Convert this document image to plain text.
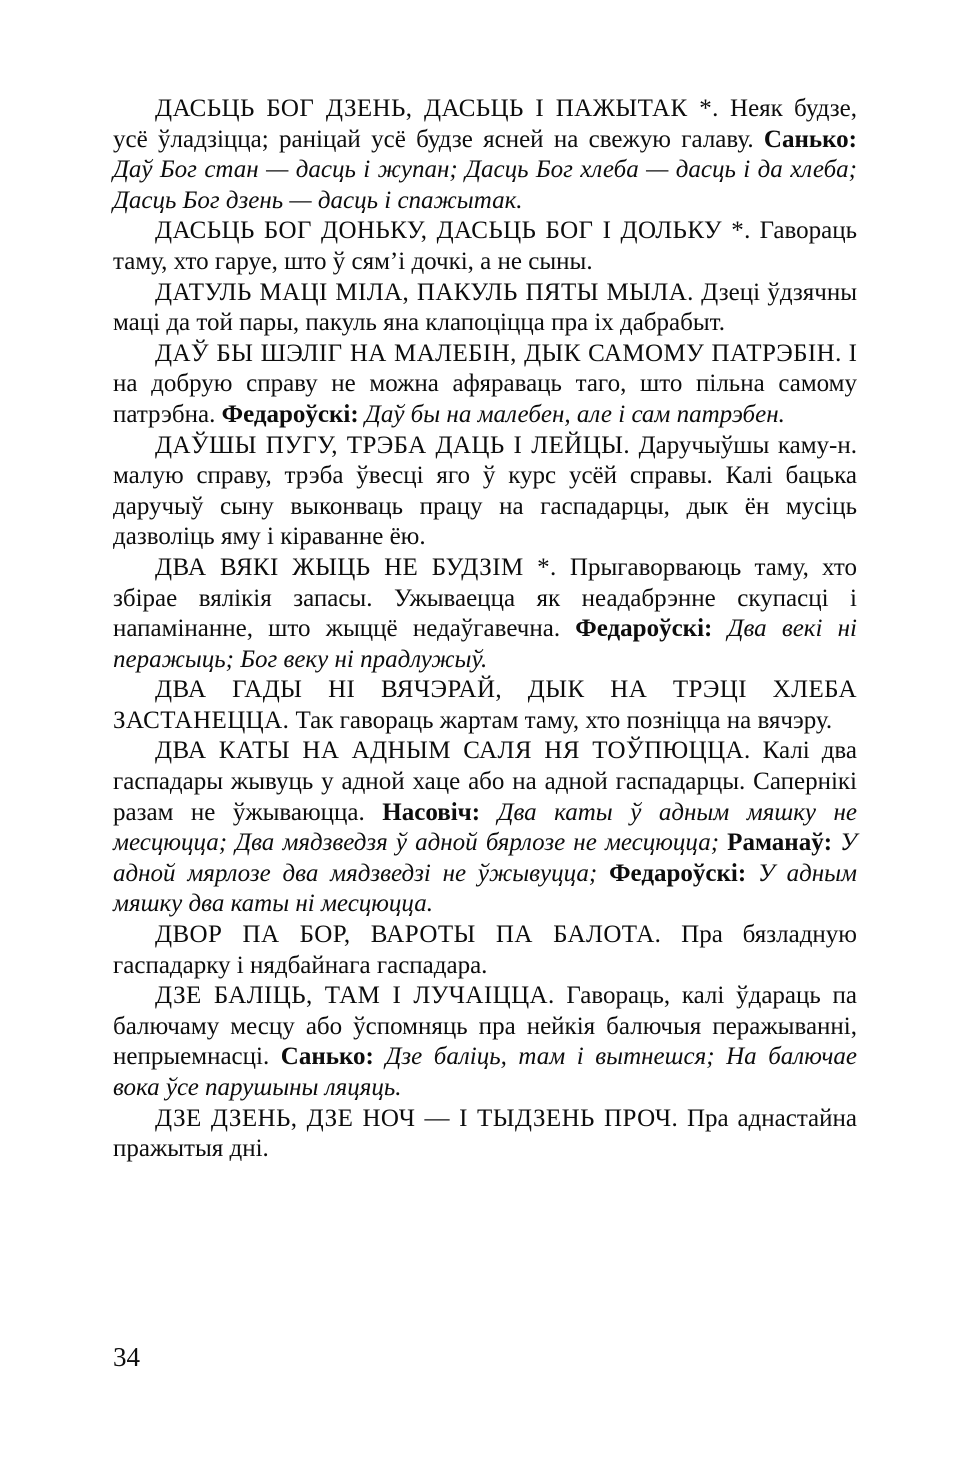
ДАСЬЦЬ БОГ ДЗЕНЬ, ДАСЬЦЬ І ПАЖЫТАК *. Неяк будзе, усё ўладзіцца; раніцай усё будзе ясней на свежую галаву. Санько: Даў Бог стан — дасць і жупан; Дасць Бог хлеба — дасць і да хлеба; Дасць Бог дзень — дасць і спажытак.

ДАСЬЦЬ БОГ ДОНЬКУ, ДАСЬЦЬ БОГ І ДОЛЬКУ *. Гавораць таму, хто гаруе, што ў сям’і дочкі, а не сыны.

ДАТУЛЬ МАЦІ МІЛА, ПАКУЛЬ ПЯТЫ МЫЛА. Дзеці ўдзячны маці да той пары, пакуль яна клапоціцца пра іх дабрабыт.

ДАЎ БЫ ШЭЛІГ НА МАЛЕБІН, ДЫК САМОМУ ПАТРЭБІН. І на добрую справу не можна афяраваць таго, што пільна самому патрэбна. Федароўскі: Даў бы на малебен, але і сам патрэбен.

ДАЎШЫ ПУГУ, ТРЭБА ДАЦЬ І ЛЕЙЦЫ. Даручыўшы каму-н. малую справу, трэба ўвесці яго ў курс усёй справы. Калі бацька даручыў сыну выконваць працу на гаспадарцы, дык ён мусіць дазволіць яму і кіраванне ёю.

ДВА ВЯКІ ЖЫЦЬ НЕ БУДЗІМ *. Прыгаворваюць таму, хто збірае вялікія запасы. Ужываецца як неадабрэнне скупасці і напамінанне, што жыццё недаўгавечна. Федароўскі: Два векі ні перажыць; Бог веку ні прадлужыў.

ДВА ГАДЫ НІ ВЯЧЭРАЙ, ДЫК НА ТРЭЦІ ХЛЕБА ЗАСТАНЕЦЦА. Так гавораць жартам таму, хто позніцца на вячэру.

ДВА КАТЫ НА АДНЫМ САЛЯ НЯ ТОЎПЮЦЦА. Калі два гаспадары жывуць у адной хаце або на адной гаспадарцы. Сапернікі разам не ўжываюцца. Насовіч: Два каты ў адным мяшку не месцюцца; Два мядзведзя ў адной бярлозе не месцюцца; Раманаў: У адной мярлозе два мядзведзі не ўжывуцца; Федароўскі: У адным мяшку два каты ні месцюцца.

ДВОР ПА БОР, ВАРОТЫ ПА БАЛОТА. Пра бязладную гаспадарку і нядбайнага гаспадара.

ДЗЕ БАЛІЦЬ, ТАМ І ЛУЧАІЦЦА. Гавораць, калі ўдараць па балючаму месцу або ўспомняць пра нейкія балючыя перажыванні, непрыемнасці. Санько: Дзе баліць, там і вытнешся; На балючае вока ўсе парушыны ляцяць.

ДЗЕ ДЗЕНЬ, ДЗЕ НОЧ — І ТЫДЗЕНЬ ПРОЧ. Пра аднастайна пражытыя дні.

34
